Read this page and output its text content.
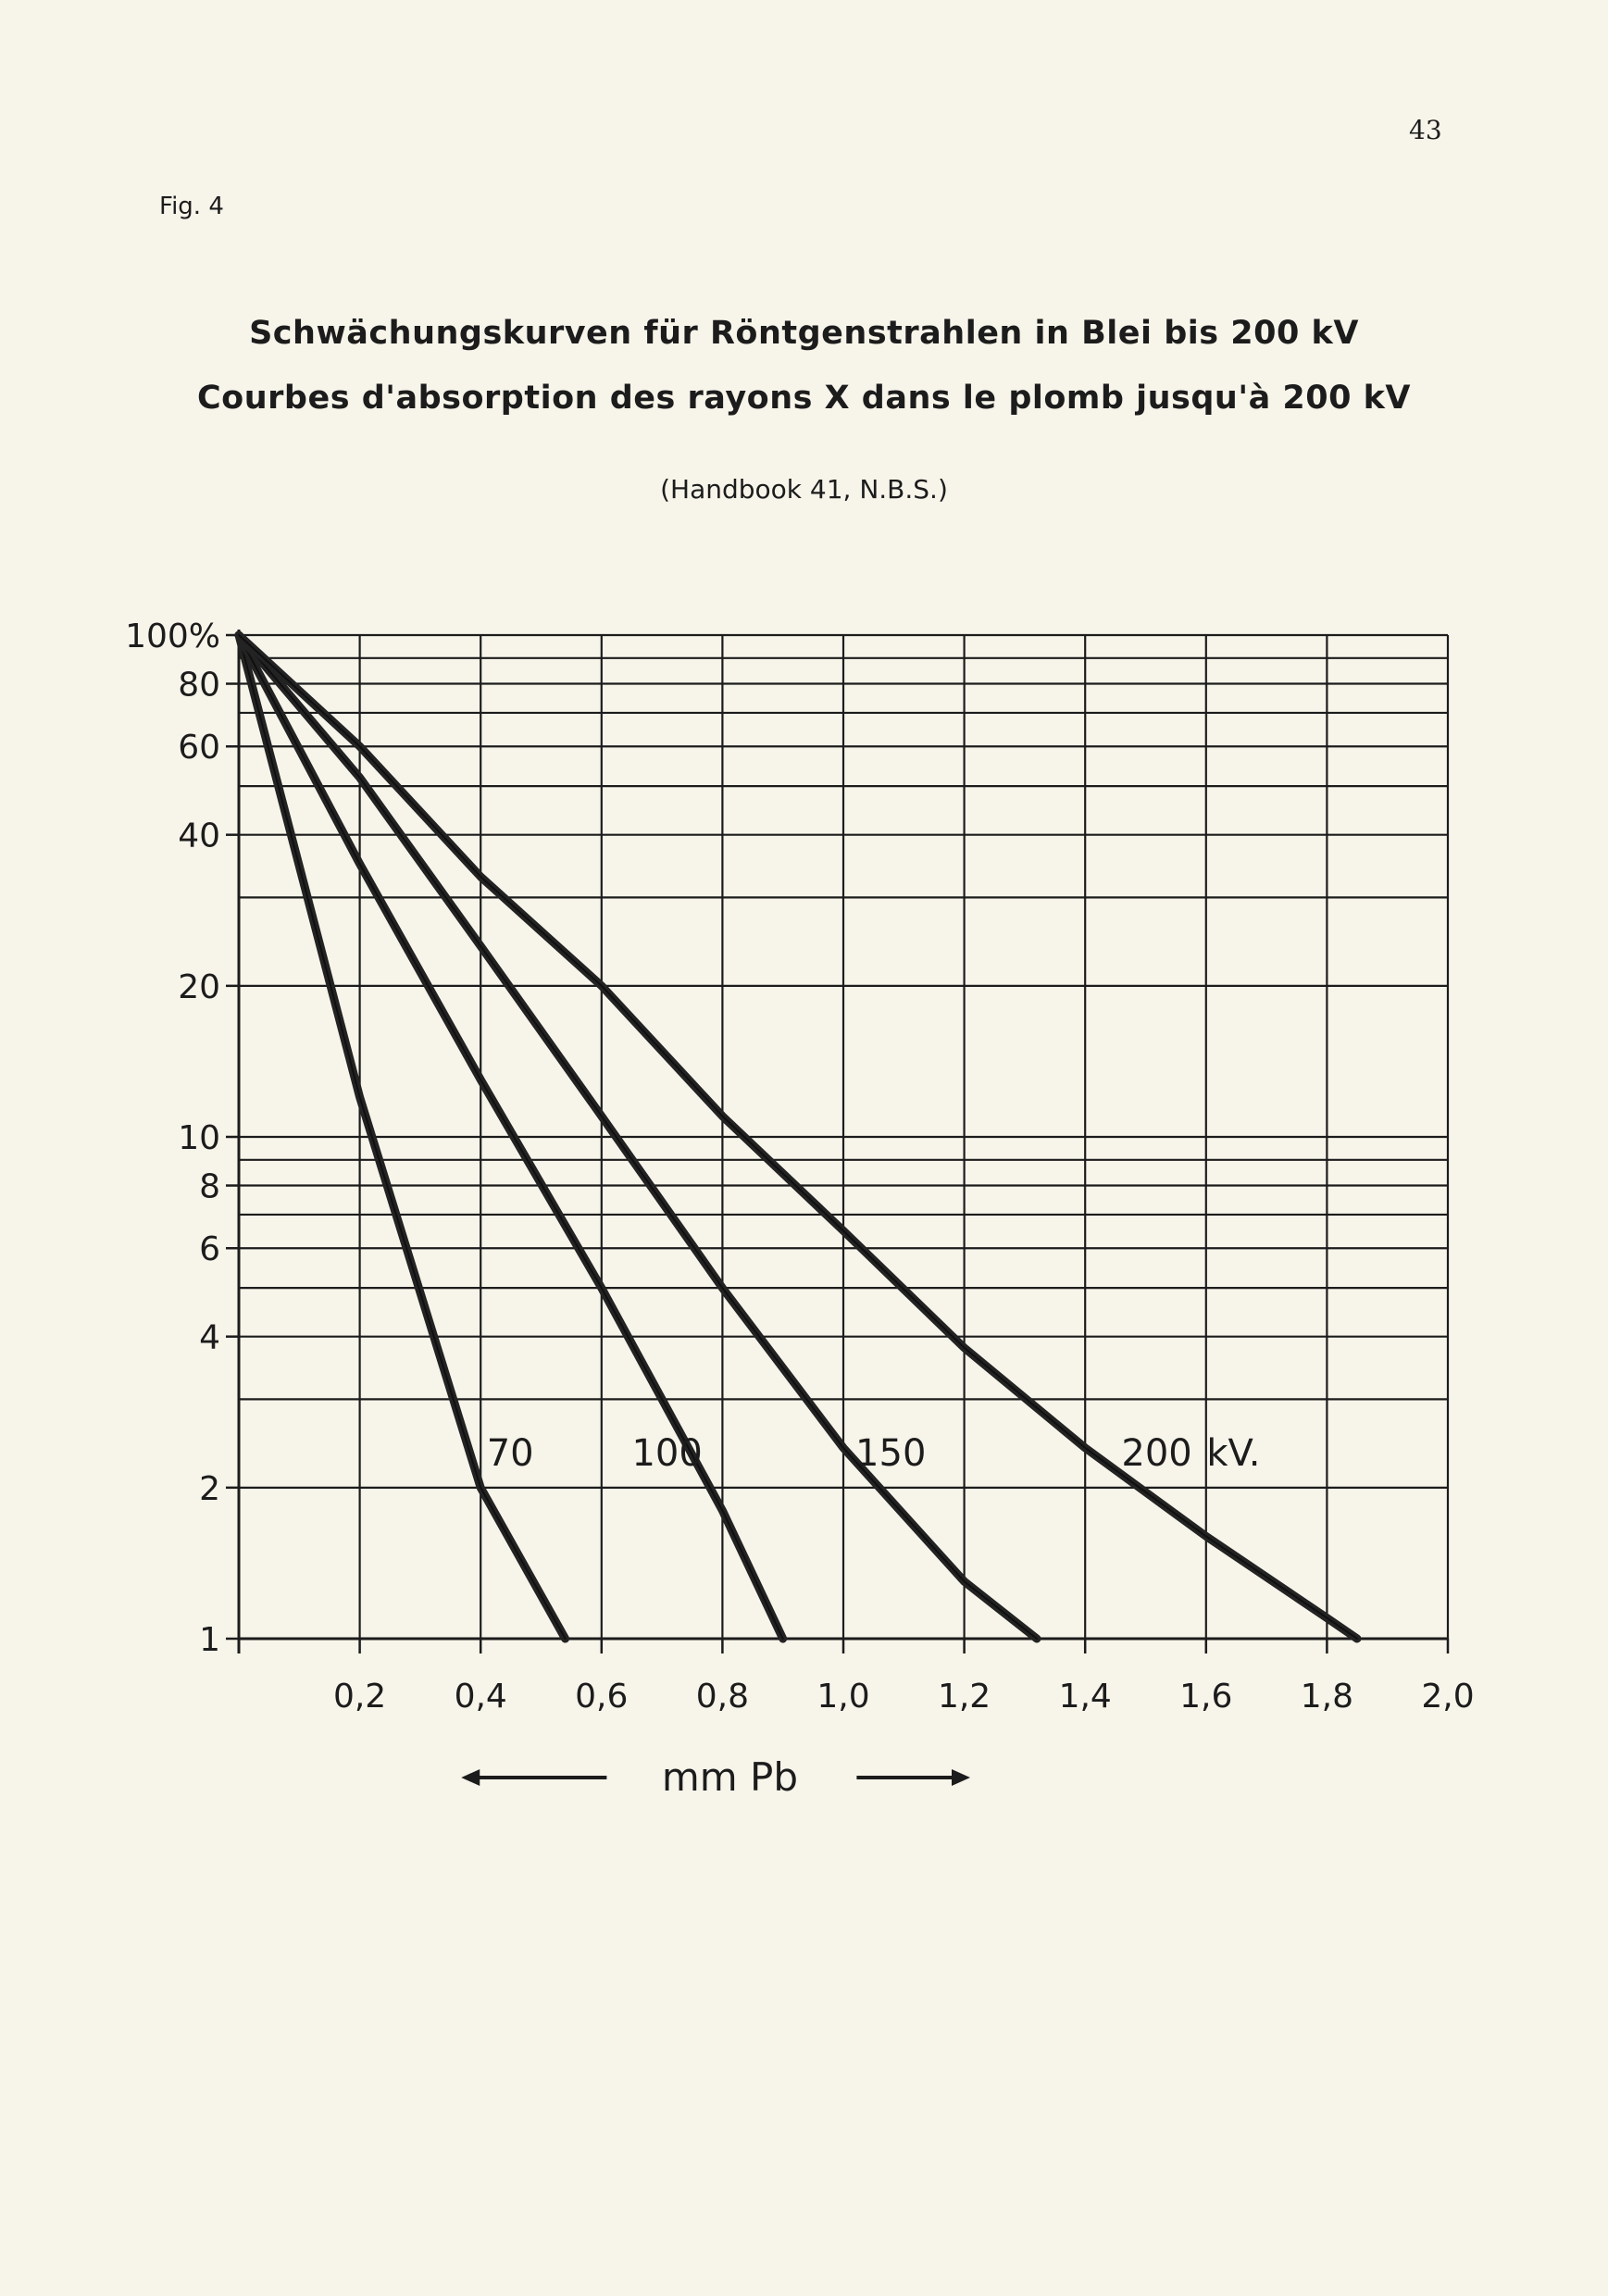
43
Fig. 4
Schwächungskurven für Röntgenstrahlen in Blei bis 200 kV
Courbes d'absorption des rayons X dans le plomb jusqu'à 200 kV
(Handbook 41, N.B.S.)
100%
80
60
40
20
10
8
6
4
2
1
0,2 0,4 0,6 0,8 1,0 1,2 1,4 1,6 1,8 2,0
70	100	150	200 kV.
mm Pb
